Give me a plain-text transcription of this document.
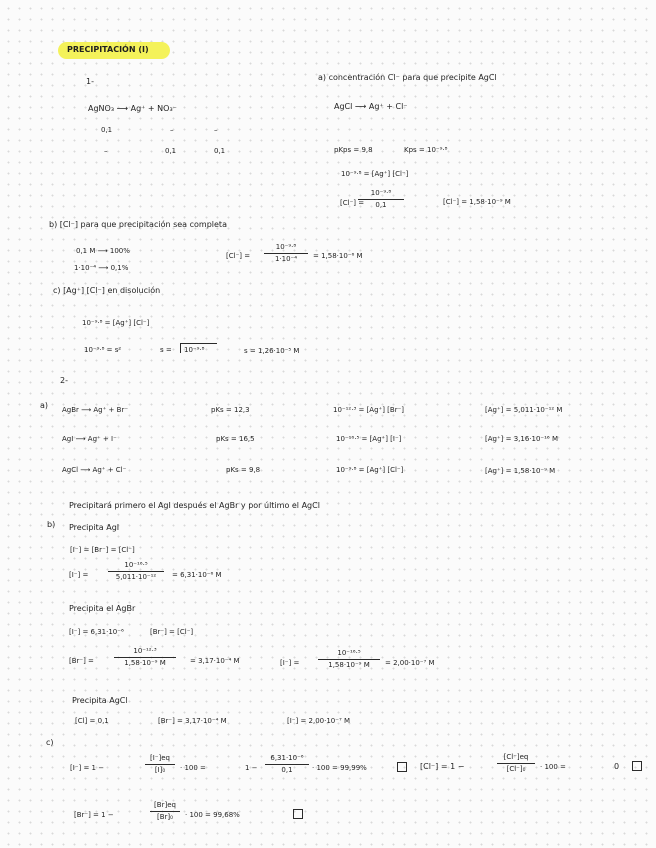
PRECIPITACIÓN (I)
1-
AgNO₃ ⟶ Ag⁺ + NO₃⁻
0,1	–	–
–	0,1	0,1
a) concentración Cl⁻ para que precipite AgCl
AgCl ⟶ Ag⁺ + Cl⁻
pKps = 9,8	Kps = 10⁻⁹·⁸
10⁻⁹·⁸ = [Ag⁺] [Cl⁻]
[Cl⁻] =
$\frac{\text{10⁻⁹·⁸}}{0,1}$	[Cl⁻] = 1,58·10⁻⁹ M
b) [Cl⁻] para que precipitación sea completa
0,1 M ⟶ 100%
1·10⁻⁴ ⟶ 0,1%
$[Cl^-] = \frac{\text{10⁻⁹·⁸}}{\text{1·10⁻⁴}} = 1,58\cdot 10^{-6}$ M
c) [Ag⁺] [Cl⁻] en disolución
10⁻⁹·⁸ = [Ag⁺] [Cl⁻]
10⁻⁹·⁸ = s²	s = 10⁻⁹·⁸	s = 1,26·10⁻⁵ M
2-
a) AgBr ⟶ Ag⁺ + Br⁻	pKs = 12,3	10⁻¹²·³ = [Ag⁺] [Br⁻]	[Ag⁺] = 5,011·10⁻¹² M
AgI ⟶ Ag⁺ + I⁻	pKs = 16,5	10⁻¹⁶·⁵ = [Ag⁺] [I⁻]	[Ag⁺] = 3,16·10⁻¹⁶ M
AgCl ⟶ Ag⁺ + Cl⁻	pKs = 9,8	10⁻⁹·⁸ = [Ag⁺] [Cl⁻]	[Ag⁺] = 1,58·10⁻⁹ M
Precipitará primero el AgI después el AgBr y por último el AgCl
b) Precipita AgI
[I⁻] = [Br⁻] = [Cl⁻]
[I⁻] =	$\frac{\text{10⁻¹⁶·⁵}}{\text{5,011·10⁻¹²}} = 6,31\cdot 10^{-6}$ M
Precipita el AgBr
[I⁻] = 6,31·10⁻⁶	[Br⁻] = [Cl⁻]
[Br⁻] =	$\frac{\text{10⁻¹²·³}}{\text{1,58·10⁻⁹ M}} = 3,17\cdot 10^{-4}$ M	[I⁻] =	$\frac{\text{10⁻¹⁶·⁵}}{\text{1,58·10⁻⁹ M}} = 2,00\cdot 10^{-7}$ M
Precipita AgCl
[Cl] = 0,1	[Br⁻] = 3,17·10⁻⁴ M	[I⁻] = 2,00·10⁻⁷ M
c)
[I⁻] = 1 −	$\frac{[I^-]eq}{\text{[I]₀}} \cdot 100$ =	$1 - \frac{\text{6,31·10⁻⁶}}{0,1} \cdot 100 = 99,99\%$	[Cl⁻] = 1 −	$\frac{[Cl^-]eq}{\text{[Cl⁻]₀}} \cdot 100$ =	0
[Br⁻] = 1 −	$\frac{[Br]eq}{\text{[Br]₀}} \cdot 100 = 99,68\%$
